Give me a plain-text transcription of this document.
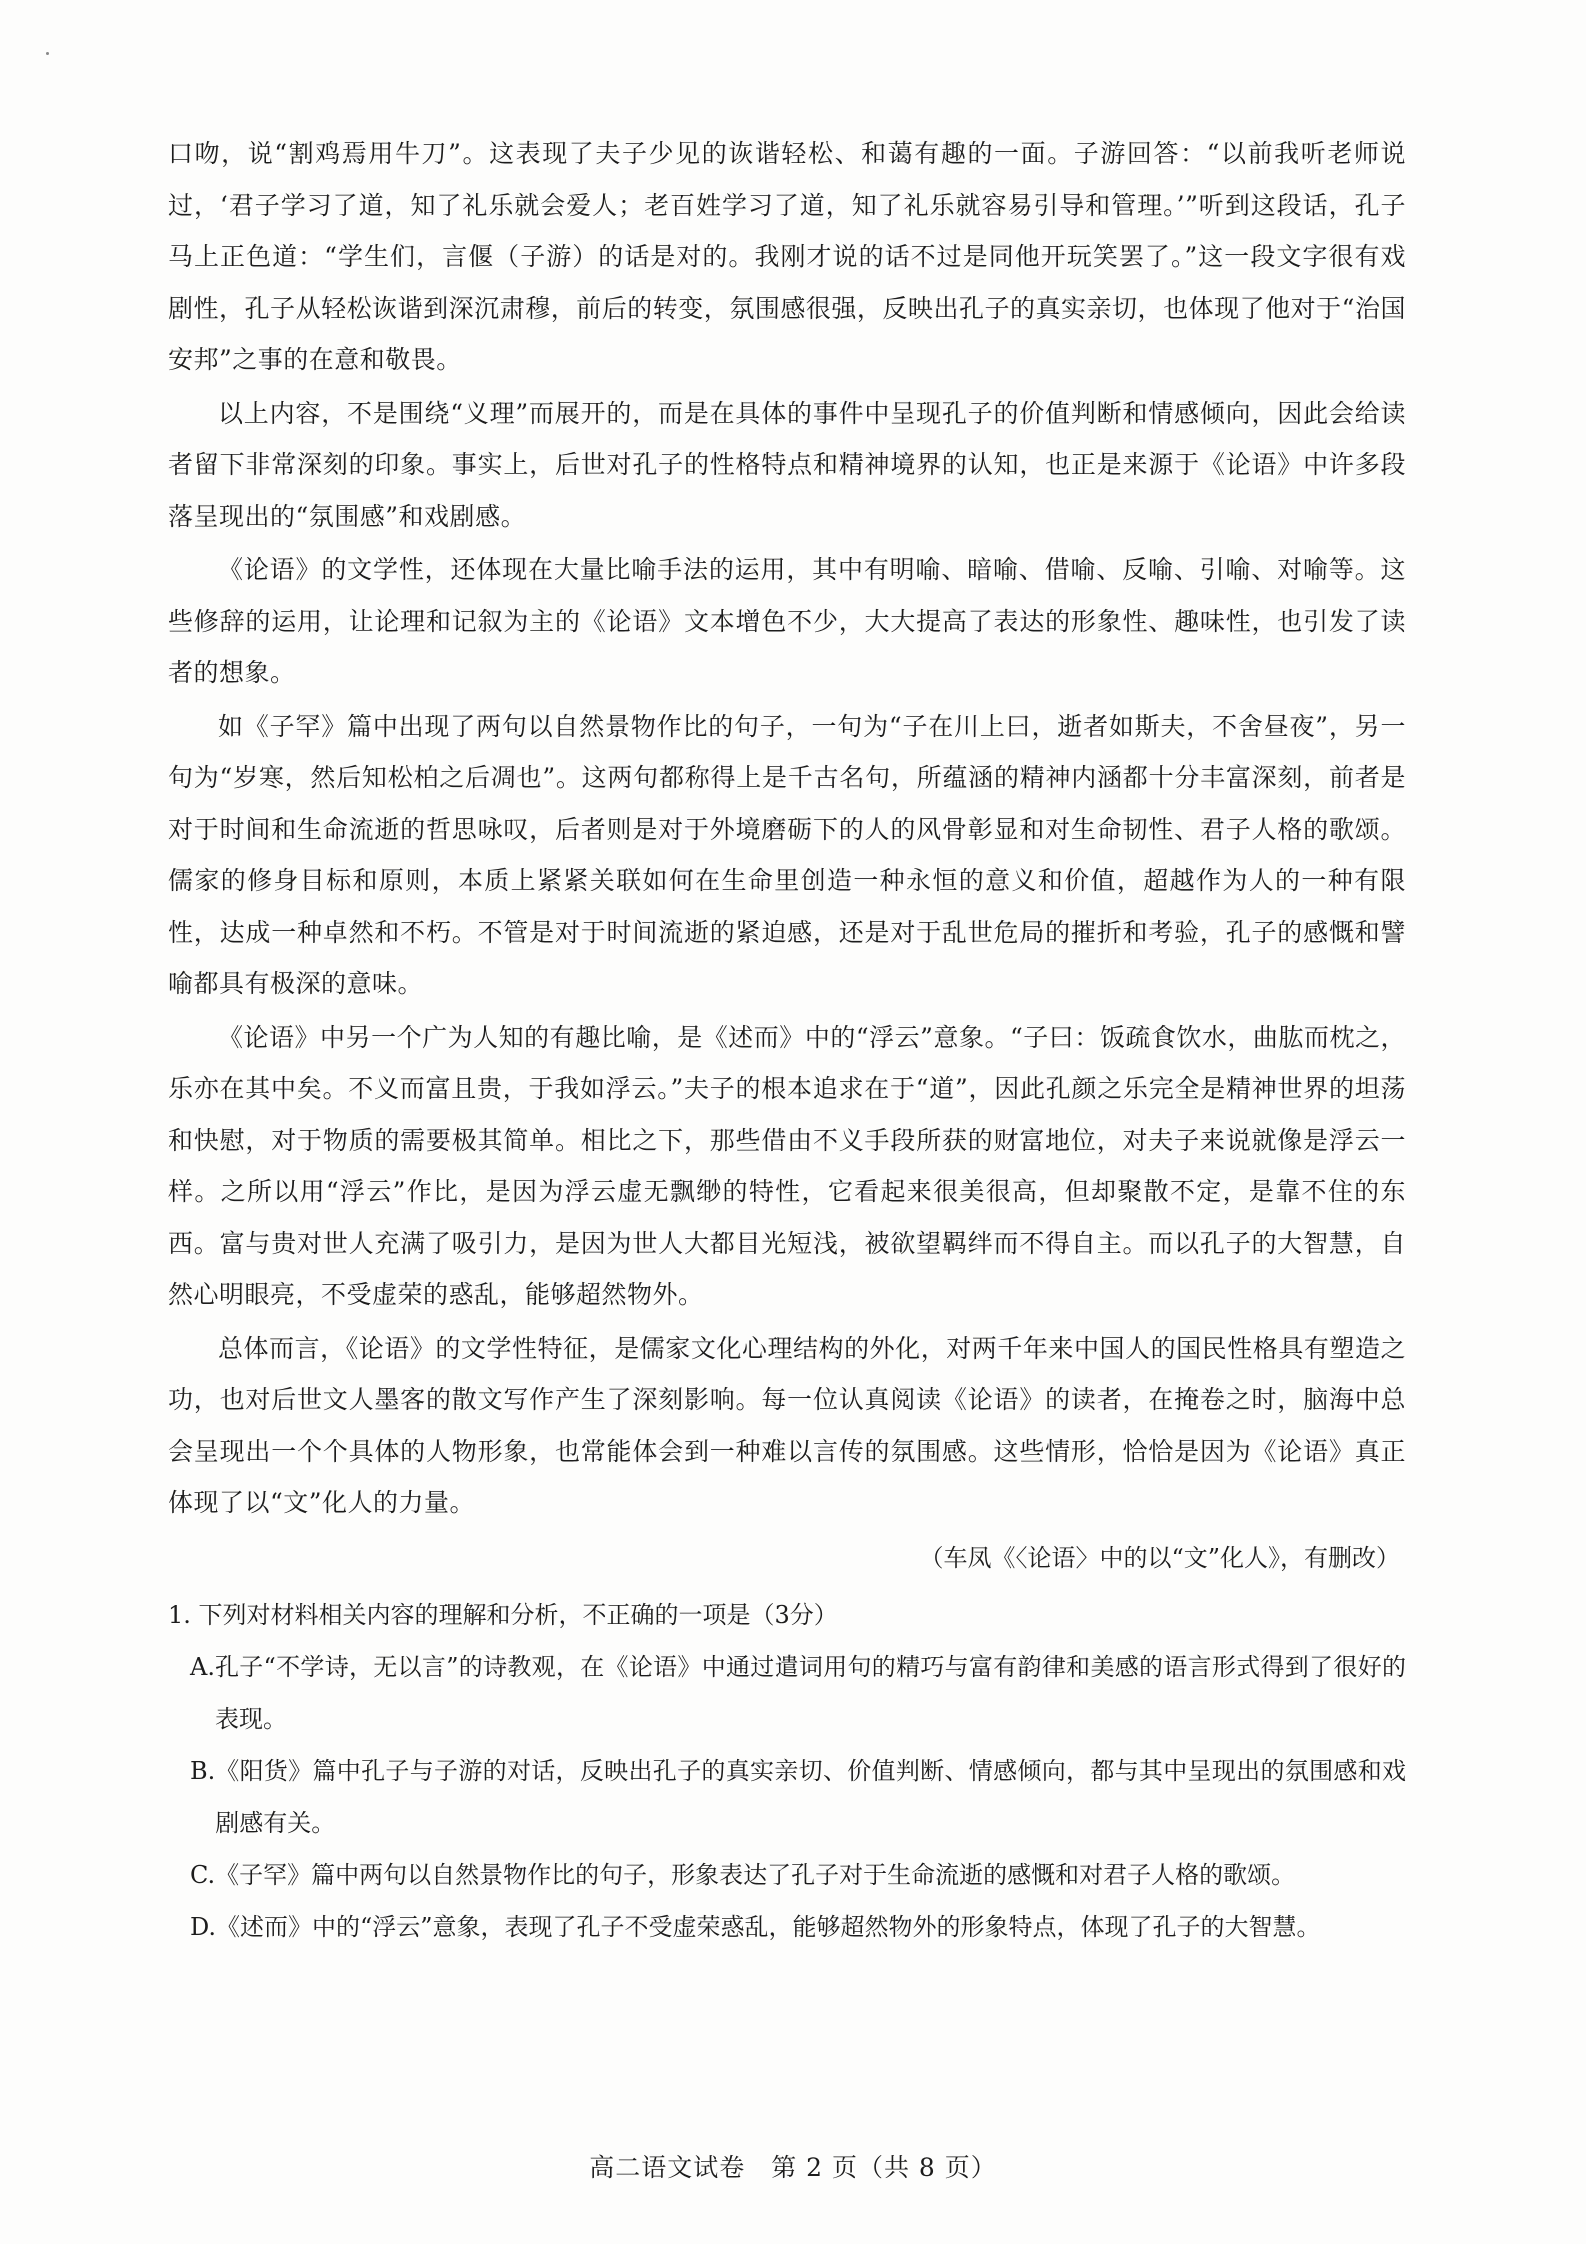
口吻，说“割鸡焉用牛刀”。这表现了夫子少见的诙谐轻松、和蔼有趣的一面。子游回答：“以前我听老师说过，‘君子学习了道，知了礼乐就会爱人；老百姓学习了道，知了礼乐就容易引导和管理。’”听到这段话，孔子马上正色道：“学生们，言偃（子游）的话是对的。我刚才说的话不过是同他开玩笑罢了。”这一段文字很有戏剧性，孔子从轻松诙谐到深沉肃穆，前后的转变，氛围感很强，反映出孔子的真实亲切，也体现了他对于“治国安邦”之事的在意和敬畏。

以上内容，不是围绕“义理”而展开的，而是在具体的事件中呈现孔子的价值判断和情感倾向，因此会给读者留下非常深刻的印象。事实上，后世对孔子的性格特点和精神境界的认知，也正是来源于《论语》中许多段落呈现出的“氛围感”和戏剧感。

《论语》的文学性，还体现在大量比喻手法的运用，其中有明喻、暗喻、借喻、反喻、引喻、对喻等。这些修辞的运用，让论理和记叙为主的《论语》文本增色不少，大大提高了表达的形象性、趣味性，也引发了读者的想象。

如《子罕》篇中出现了两句以自然景物作比的句子，一句为“子在川上曰，逝者如斯夫，不舍昼夜”，另一句为“岁寒，然后知松柏之后凋也”。这两句都称得上是千古名句，所蕴涵的精神内涵都十分丰富深刻，前者是对于时间和生命流逝的哲思咏叹，后者则是对于外境磨砺下的人的风骨彰显和对生命韧性、君子人格的歌颂。儒家的修身目标和原则，本质上紧紧关联如何在生命里创造一种永恒的意义和价值，超越作为人的一种有限性，达成一种卓然和不朽。不管是对于时间流逝的紧迫感，还是对于乱世危局的摧折和考验，孔子的感慨和譬喻都具有极深的意味。

《论语》中另一个广为人知的有趣比喻，是《述而》中的“浮云”意象。“子曰：饭疏食饮水，曲肱而枕之，乐亦在其中矣。不义而富且贵，于我如浮云。”夫子的根本追求在于“道”，因此孔颜之乐完全是精神世界的坦荡和快慰，对于物质的需要极其简单。相比之下，那些借由不义手段所获的财富地位，对夫子来说就像是浮云一样。之所以用“浮云”作比，是因为浮云虚无飘缈的特性，它看起来很美很高，但却聚散不定，是靠不住的东西。富与贵对世人充满了吸引力，是因为世人大都目光短浅，被欲望羁绊而不得自主。而以孔子的大智慧，自然心明眼亮，不受虚荣的惑乱，能够超然物外。

总体而言，《论语》的文学性特征，是儒家文化心理结构的外化，对两千年来中国人的国民性格具有塑造之功，也对后世文人墨客的散文写作产生了深刻影响。每一位认真阅读《论语》的读者，在掩卷之时，脑海中总会呈现出一个个具体的人物形象，也常能体会到一种难以言传的氛围感。这些情形，恰恰是因为《论语》真正体现了以“文”化人的力量。

（车凤《〈论语〉中的以“文”化人》，有删改）

1. 下列对材料相关内容的理解和分析，不正确的一项是（3分）

A. 孔子“不学诗，无以言”的诗教观，在《论语》中通过遣词用句的精巧与富有韵律和美感的语言形式得到了很好的表现。
B. 《阳货》篇中孔子与子游的对话，反映出孔子的真实亲切、价值判断、情感倾向，都与其中呈现出的氛围感和戏剧感有关。
C. 《子罕》篇中两句以自然景物作比的句子，形象表达了孔子对于生命流逝的感慨和对君子人格的歌颂。
D. 《述而》中的“浮云”意象，表现了孔子不受虚荣惑乱，能够超然物外的形象特点，体现了孔子的大智慧。
高二语文试卷　第 2 页（共 8 页）
